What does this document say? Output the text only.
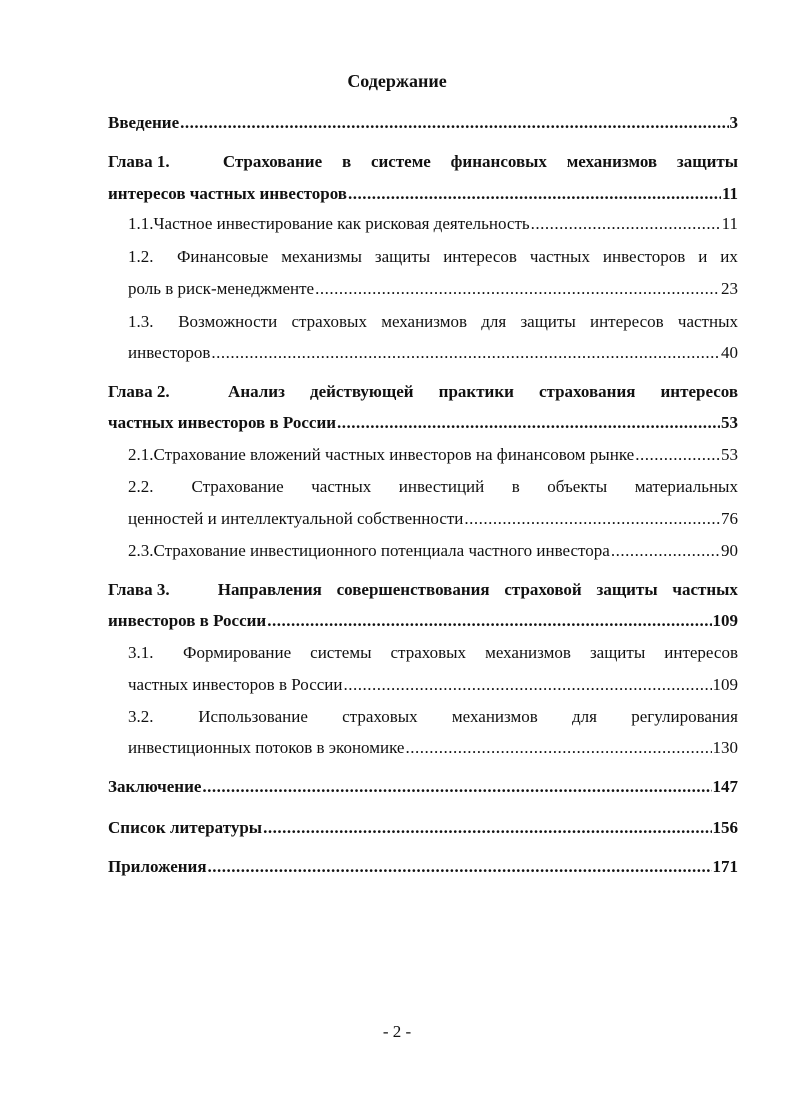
Содержание
Введение .....	3
Глава 1.	Страхование в системе финансовых механизмов защиты
интересов частных инвесторов .....	11
1.1. Частное инвестирование как рисковая деятельность .....	11
1.2.	Финансовые механизмы защиты интересов частных инвесторов и их
роль в риск-менеджменте .....	23
1.3.	Возможности страховых механизмов для защиты интересов частных
инвесторов .....	40
Глава 2.	Анализ действующей практики страхования интересов
частных инвесторов в России .....	53
2.1. Страхование вложений частных инвесторов на финансовом рынке .....	53
2.2.	Страхование частных инвестиций в объекты материальных
ценностей и интеллектуальной собственности .....	76
2.3. Страхование инвестиционного потенциала частного инвестора .....	90
Глава 3.	Направления совершенствования страховой защиты частных
инвесторов в России .....	109
3.1.	Формирование системы страховых механизмов защиты интересов
частных инвесторов в России .....	109
3.2.	Использование страховых механизмов для регулирования
инвестиционных потоков в экономике .....	130
Заключение .....	147
Список литературы .....	156
Приложения .....	171
- 2 -
